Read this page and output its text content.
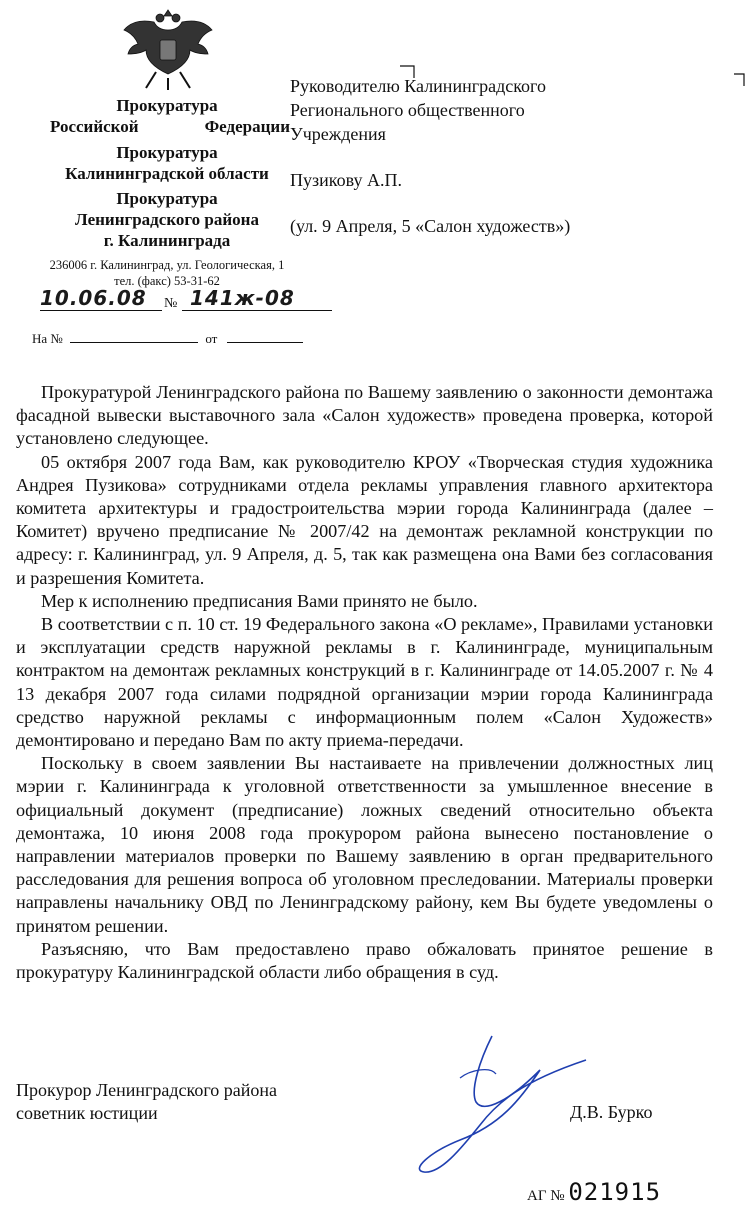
Прокуратура
Российской	Федерации
Прокуратура
Калининградской области
Прокуратура
Ленинградского района
г. Калининграда
236006 г. Калининград, ул. Геологическая, 1
тел. (факс) 53-31-62
10.06.08 № 141ж-08
На №	от
Руководителю Калининградского
Регионального общественного
Учреждения
Пузикову А.П.
(ул. 9 Апреля, 5 «Салон художеств»)

Прокуратурой Ленинградского района по Вашему заявлению о законности демонтажа фасадной вывески выставочного зала «Салон художеств» проведена проверка, которой установлено следующее.

05 октября 2007 года Вам, как руководителю КРОУ «Творческая студия художника Андрея Пузикова» сотрудниками отдела рекламы управления главного архитектора комитета архитектуры и градостроительства мэрии города Калининграда (далее – Комитет) вручено предписание № 2007/42 на демонтаж рекламной конструкции по адресу: г. Калининград, ул. 9 Апреля, д. 5, так как размещена она Вами без согласования и разрешения Комитета.

Мер к исполнению предписания Вами принято не было.

В соответствии с п. 10 ст. 19 Федерального закона «О рекламе», Правилами установки и эксплуатации средств наружной рекламы в г. Калининграде, муниципальным контрактом на демонтаж рекламных конструкций в г. Калининграде от 14.05.2007 г. № 4 13 декабря 2007 года силами подрядной организации мэрии города Калининграда средство наружной рекламы с информационным полем «Салон Художеств» демонтировано и передано Вам по акту приема-передачи.

Поскольку в своем заявлении Вы настаиваете на привлечении должностных лиц мэрии г. Калининграда к уголовной ответственности за умышленное внесение в официальный документ (предписание) ложных сведений относительно объекта демонтажа, 10 июня 2008 года прокурором района вынесено постановление о направлении материалов проверки по Вашему заявлению в орган предварительного расследования для решения вопроса об уголовном преследовании. Материалы проверки направлены начальнику ОВД по Ленинградскому району, кем Вы будете уведомлены о принятом решении.

Разъясняю, что Вам предоставлено право обжаловать принятое решение в прокуратуру Калининградской области либо обращения в суд.

Прокурор Ленинградского района
советник юстиции	Д.В. Бурко
АГ № 021915
